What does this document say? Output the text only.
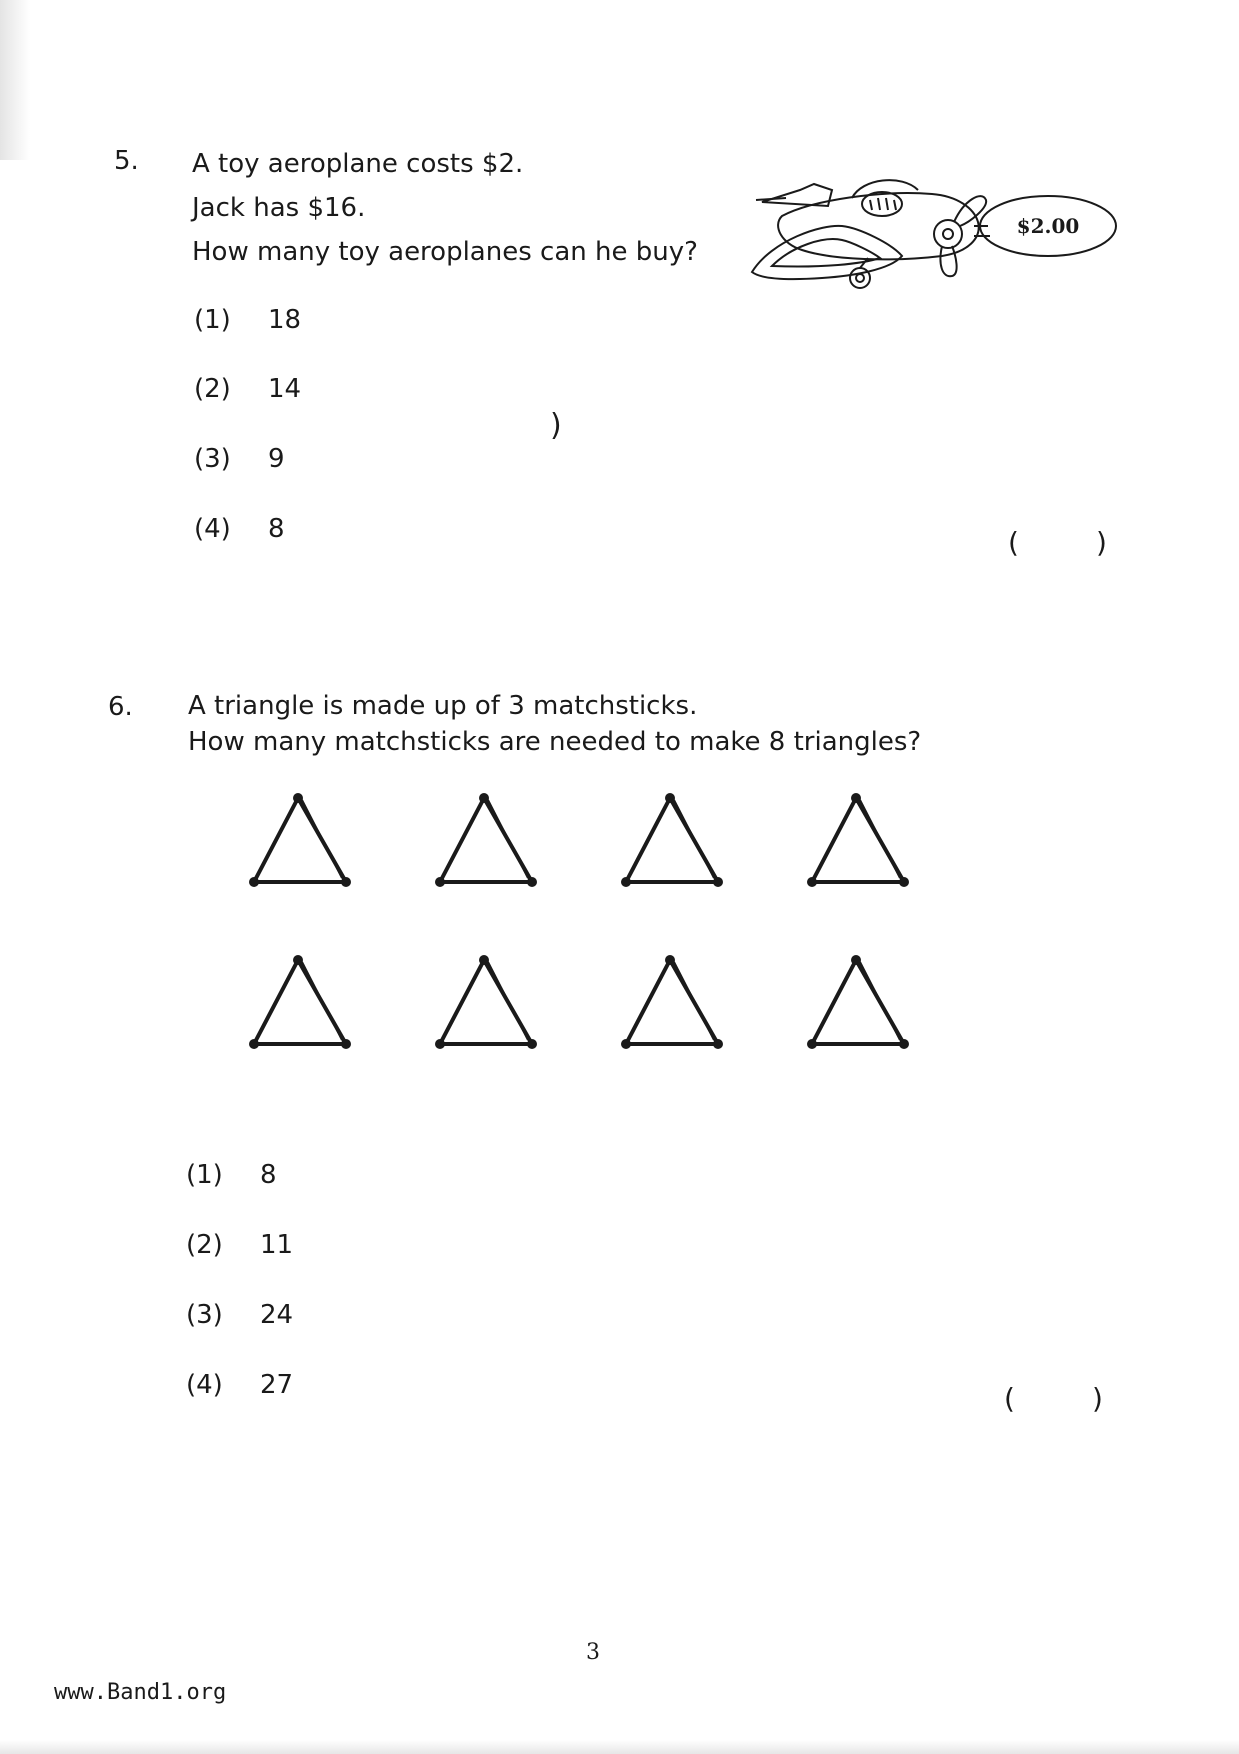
5. A toy aeroplane costs $2.
Jack has $16.
How many toy aeroplanes can he buy?
$2.00
(1) 18
(2) 14
(3) 9
(4) 8
)
(	)
6. A triangle is made up of 3 matchsticks.
How many matchsticks are needed to make 8 triangles?
(1) 8
(2) 11
(3) 24
(4) 27	(	)
3
www.Band1.org
